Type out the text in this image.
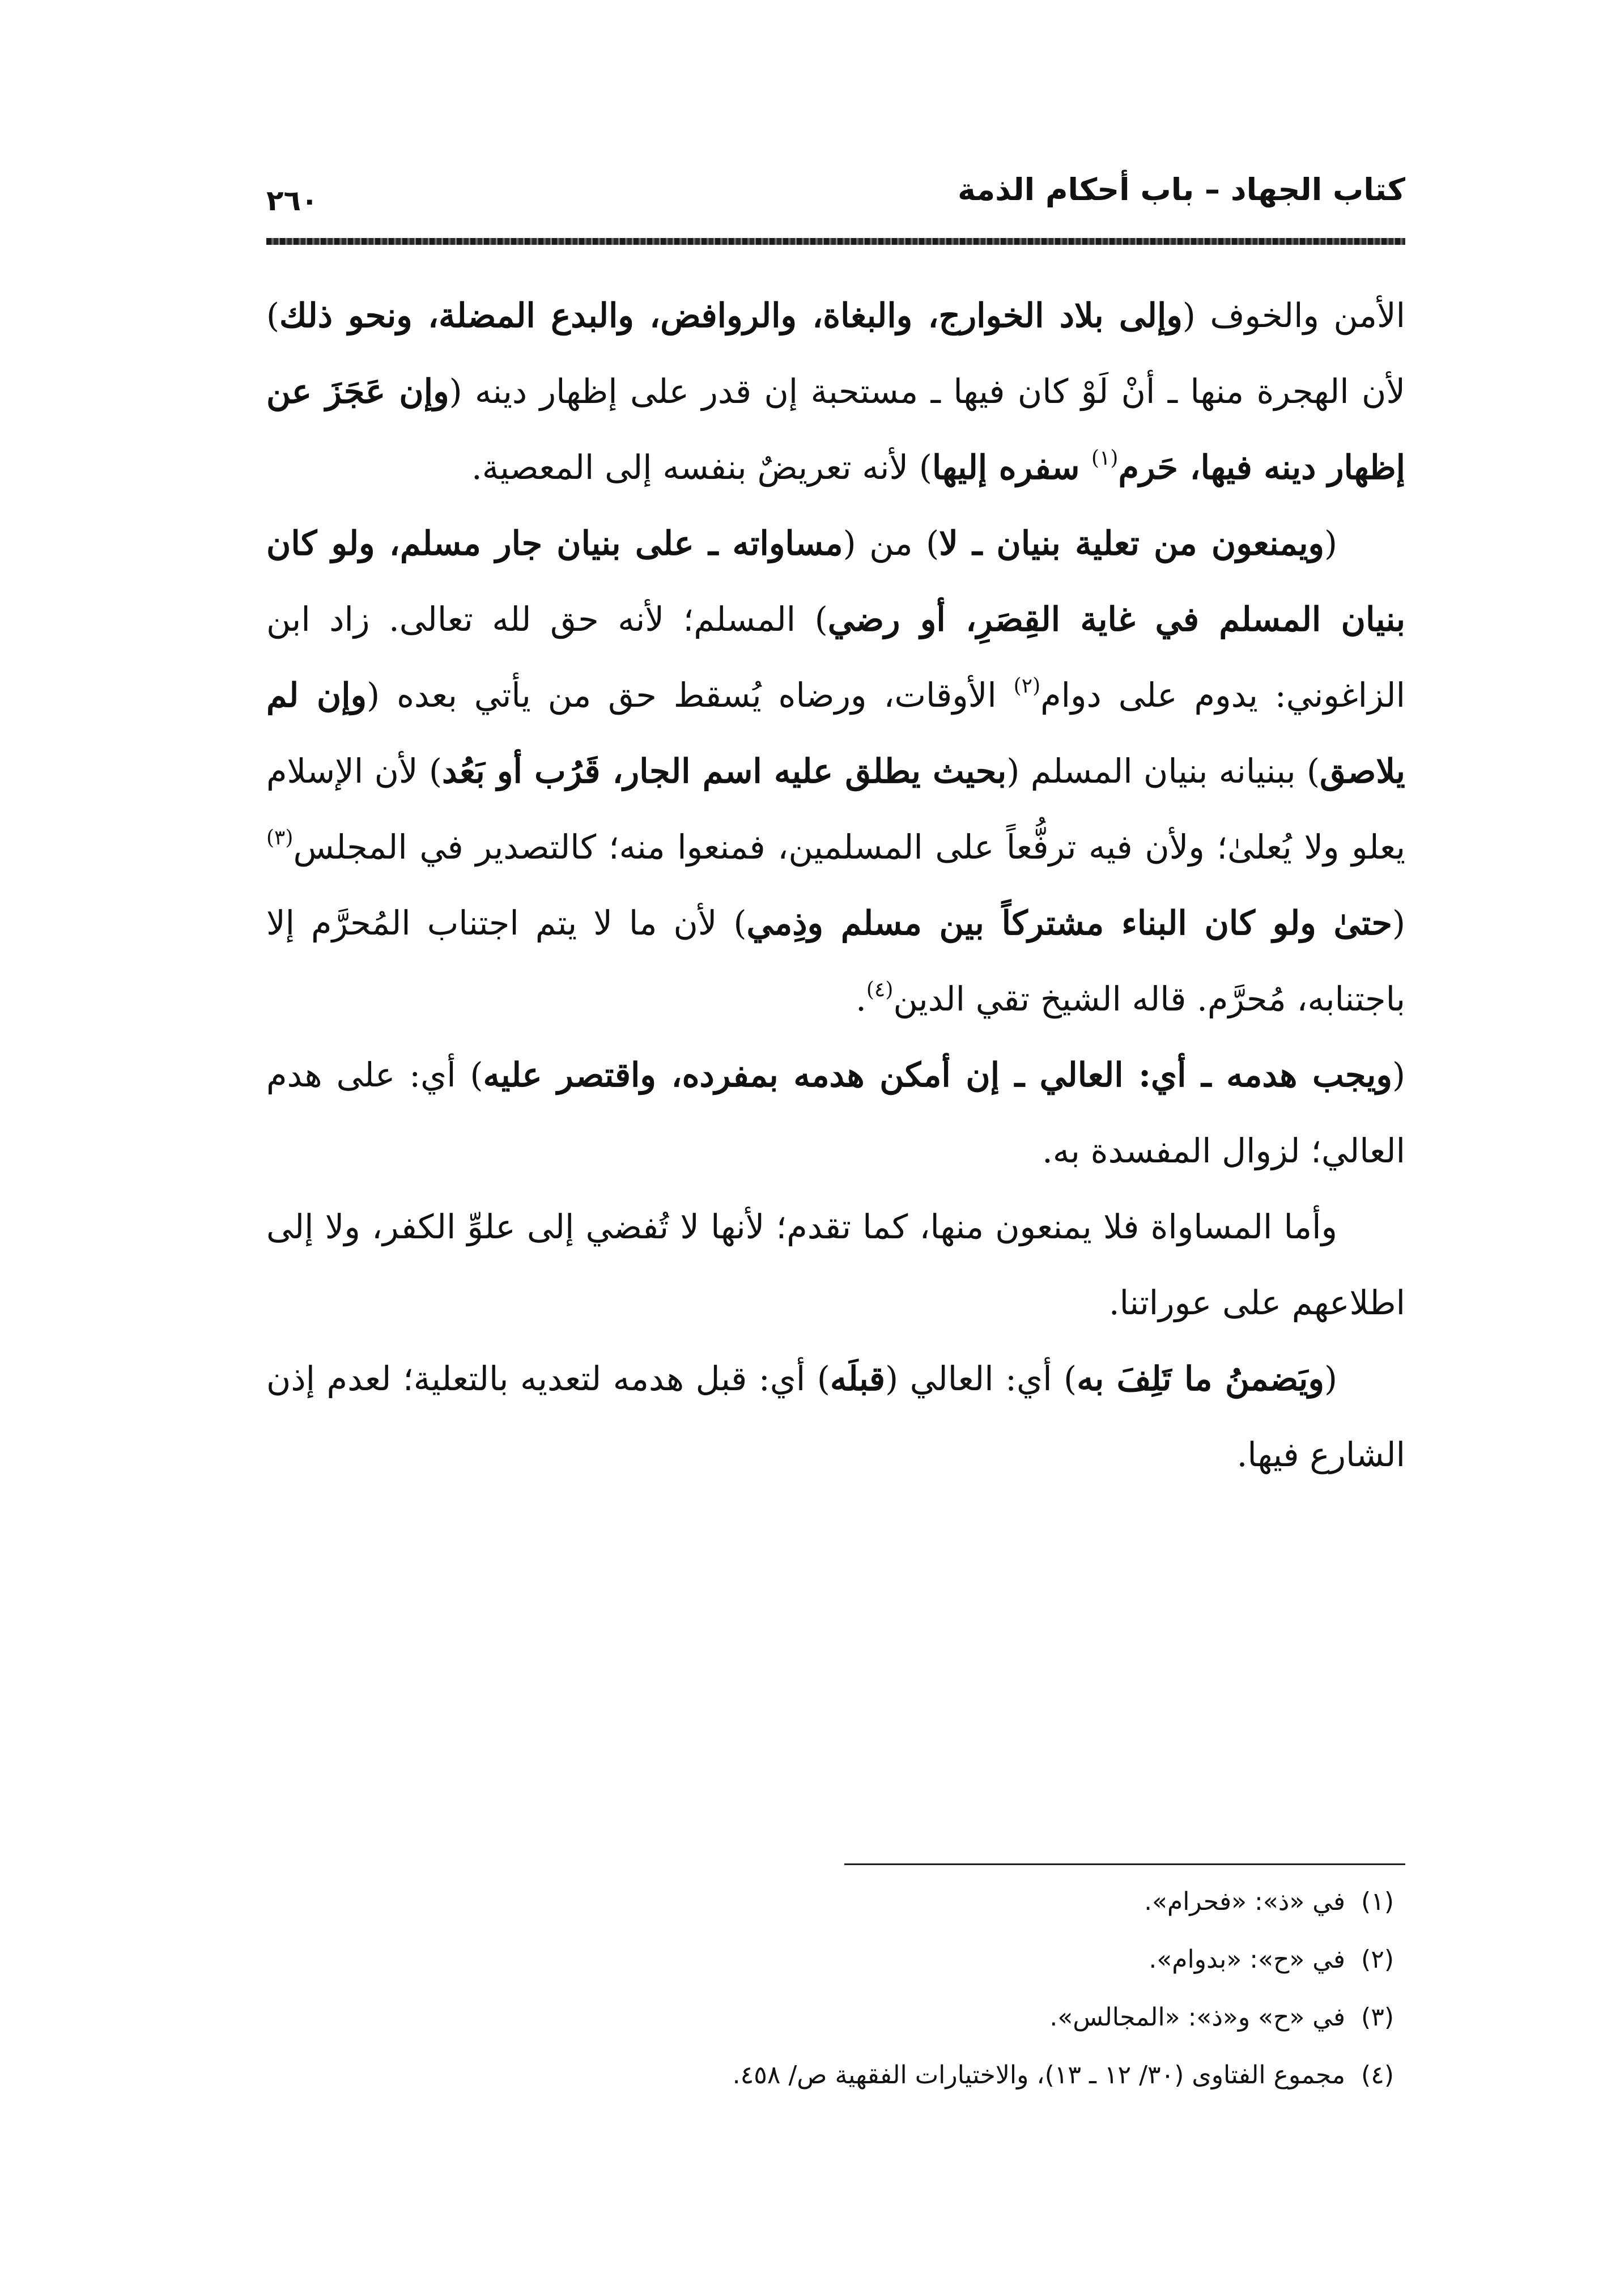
كتاب الجهاد – باب أحكام الذمة
٢٦٠

الأمن والخوف (وإلى بلاد الخوارج، والبغاة، والروافض، والبدع المضلة، ونحو ذلك) لأن الهجرة منها ـ أنْ لَوْ كان فيها ـ مستحبة إن قدر على إظهار دينه (وإن عَجَزَ عن إظهار دينه فيها، حَرم$^{(١)}$ سفره إليها) لأنه تعريضٌ بنفسه إلى المعصية.

(ويمنعون من تعلية بنيان ـ لا) من (مساواته ـ على بنيان جار مسلم، ولو كان بنيان المسلم في غاية القِصَرِ، أو رضي) المسلم؛ لأنه حق لله تعالى. زاد ابن الزاغوني: يدوم على دوام$^{(٢)}$ الأوقات، ورضاه يُسقط حق من يأتي بعده (وإن لم يلاصق) ببنيانه بنيان المسلم (بحيث يطلق عليه اسم الجار، قَرُب أو بَعُد) لأن الإسلام يعلو ولا يُعلىٰ؛ ولأن فيه ترفُّعاً على المسلمين، فمنعوا منه؛ كالتصدير في المجلس$^{(٣)}$ (حتىٰ ولو كان البناء مشتركاً بين مسلم وذِمي) لأن ما لا يتم اجتناب المُحرَّم إلا باجتنابه، مُحرَّم. قاله الشيخ تقي الدين$^{(٤)}$.

(ويجب هدمه ـ أي: العالي ـ إن أمكن هدمه بمفرده، واقتصر عليه) أي: على هدم العالي؛ لزوال المفسدة به.

وأما المساواة فلا يمنعون منها، كما تقدم؛ لأنها لا تُفضي إلى علوِّ الكفر، ولا إلى اطلاعهم على عوراتنا.

(ويَضمنُ ما تَلِفَ به) أي: العالي (قبلَه) أي: قبل هدمه لتعديه بالتعلية؛ لعدم إذن الشارع فيها.

(١)في «ذ»: «فحرام».
(٢)في «ح»: «بدوام».
(٣)في «ح» و«ذ»: «المجالس».
(٤)مجموع الفتاوى (٣٠/ ١٢ ـ ١٣)، والاختيارات الفقهية ص/ ٤٥٨.
